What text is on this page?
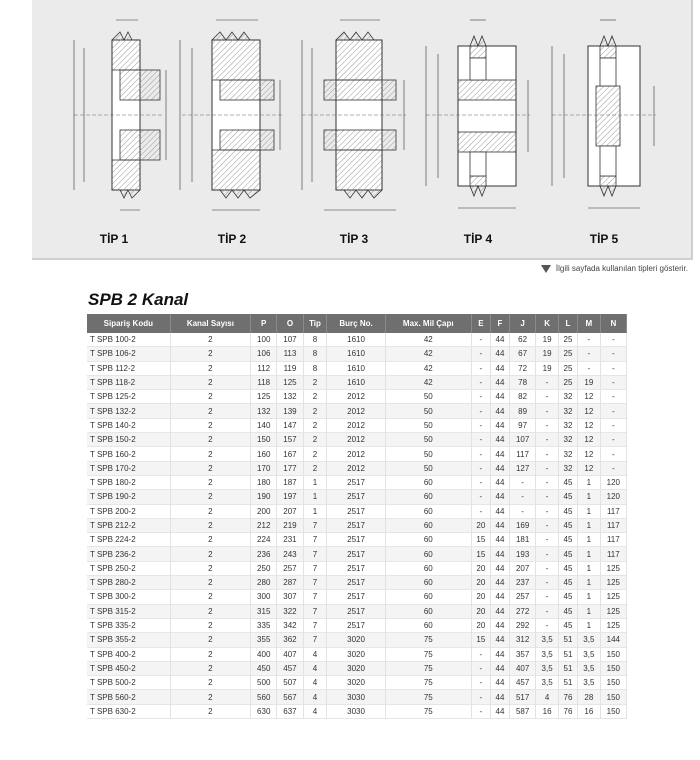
TİP 1	TİP 2	TİP 3	TİP 4	TİP 5
İlgili sayfada kullanılan tipleri gösterir.
SPB 2 Kanal
Sipariş Kodu	Kanal Sayısı	P	O	Tip	Burç No.	Max. Mil Çapı	E	F	J	K	L	M	N
T SPB 100-2	2	100	107	8	1610	42	-	44	62	19	25	-	-
T SPB 106-2	2	106	113	8	1610	42	-	44	67	19	25	-	-
T SPB 112-2	2	112	119	8	1610	42	-	44	72	19	25	-	-
T SPB 118-2	2	118	125	2	1610	42	-	44	78	-	25	19	-
T SPB 125-2	2	125	132	2	2012	50	-	44	82	-	32	12	-
T SPB 132-2	2	132	139	2	2012	50	-	44	89	-	32	12	-
T SPB 140-2	2	140	147	2	2012	50	-	44	97	-	32	12	-
T SPB 150-2	2	150	157	2	2012	50	-	44	107	-	32	12	-
T SPB 160-2	2	160	167	2	2012	50	-	44	117	-	32	12	-
T SPB 170-2	2	170	177	2	2012	50	-	44	127	-	32	12	-
T SPB 180-2	2	180	187	1	2517	60	-	44	-	-	45	1	120
T SPB 190-2	2	190	197	1	2517	60	-	44	-	-	45	1	120
T SPB 200-2	2	200	207	1	2517	60	-	44	-	-	45	1	117
T SPB 212-2	2	212	219	7	2517	60	20	44	169	-	45	1	117
T SPB 224-2	2	224	231	7	2517	60	15	44	181	-	45	1	117
T SPB 236-2	2	236	243	7	2517	60	15	44	193	-	45	1	117
T SPB 250-2	2	250	257	7	2517	60	20	44	207	-	45	1	125
T SPB 280-2	2	280	287	7	2517	60	20	44	237	-	45	1	125
T SPB 300-2	2	300	307	7	2517	60	20	44	257	-	45	1	125
T SPB 315-2	2	315	322	7	2517	60	20	44	272	-	45	1	125
T SPB 335-2	2	335	342	7	2517	60	20	44	292	-	45	1	125
T SPB 355-2	2	355	362	7	3020	75	15	44	312	3,5	51	3,5	144
T SPB 400-2	2	400	407	4	3020	75	-	44	357	3,5	51	3,5	150
T SPB 450-2	2	450	457	4	3020	75	-	44	407	3,5	51	3,5	150
T SPB 500-2	2	500	507	4	3020	75	-	44	457	3,5	51	3,5	150
T SPB 560-2	2	560	567	4	3030	75	-	44	517	4	76	28	150
T SPB 630-2	2	630	637	4	3030	75	-	44	587	16	76	16	150
